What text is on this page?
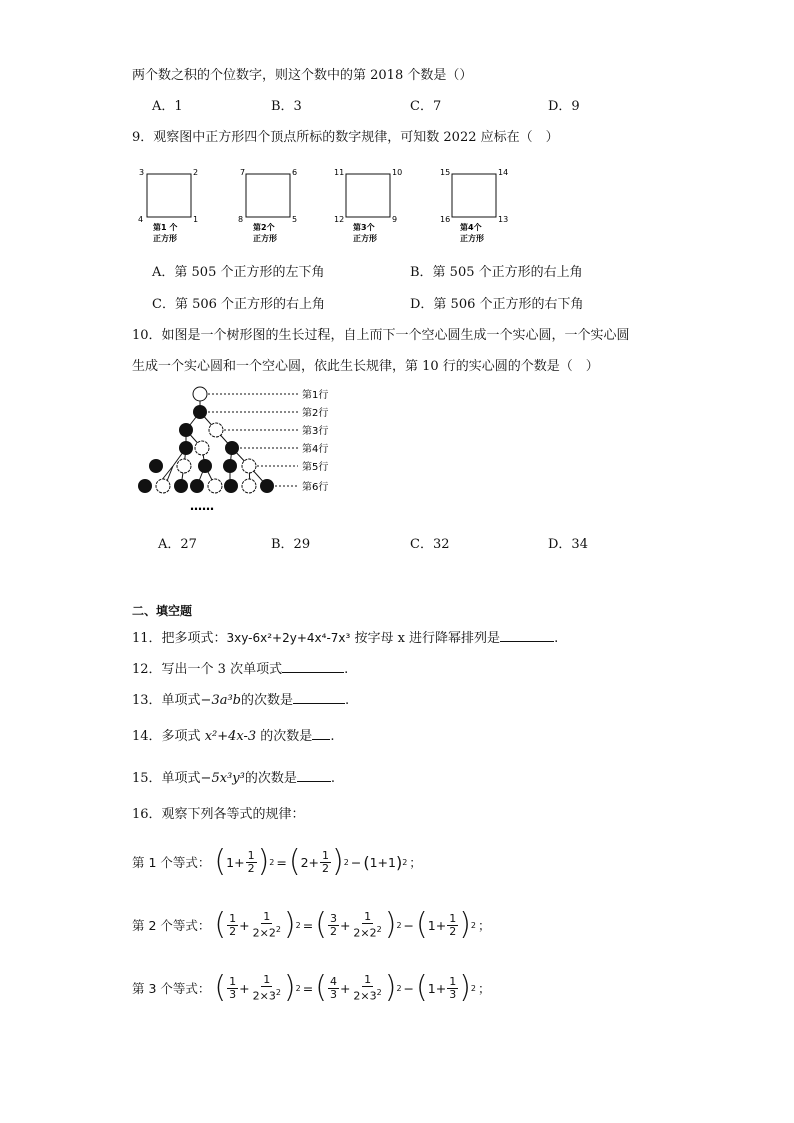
两个数之积的个位数字，则这个数中的第 2018 个数是（）
A．1	B．3	C．7	D．9
9．观察图中正方形四个顶点所标的数字规律，可知数 2022 应标在（　）
3	2
4	1
第1 个
正方形
7	6
8	5
第2个
正方形
11	10
12	9
第3个
正方形
15	14
16	13
第4个
正方形
A．第 505 个正方形的左下角	B．第 505 个正方形的右上角
C．第 506 个正方形的右上角	D．第 506 个正方形的右下角
10．如图是一个树形图的生长过程，自上而下一个空心圆生成一个实心圆，一个实心圆
生成一个实心圆和一个空心圆，依此生长规律，第 10 行的实心圆的个数是（　）
第1行
第2行
第3行
第4行
第5行
第6行
……
A．27	B．29	C．32	D．34
二、填空题
11．把多项式：3xy-6x²+2y+4x⁴-7x³ 按字母 x 进行降幂排列是	.
12．写出一个 3 次单项式	.
13．单项式−3a³b的次数是	.
14．多项式 x²+4x-3 的次数是 .
15．单项式−5x³y³的次数是	.
16．观察下列各等式的规律：
第 1 个等式： ( $1+ \frac{1}{2}$ ) 2 = ( $2+ \frac{1}{2}$ ) 2 − ( 1+1 ) 2 ；
第 2 个等式： ( $\frac{1}{2} + \frac{1}{2\times 2^2}$ ) 2 = ( $\frac{3}{2} + \frac{1}{2\times 2^2}$ ) 2 − ( $1+ \frac{1}{2}$ ) 2 ；
第 3 个等式： ( $\frac{1}{3} + \frac{1}{2\times 3^2}$ ) 2 = ( $\frac{4}{3} + \frac{1}{2\times 3^2}$ ) 2 − ( $1+ \frac{1}{3}$ ) 2 ；
